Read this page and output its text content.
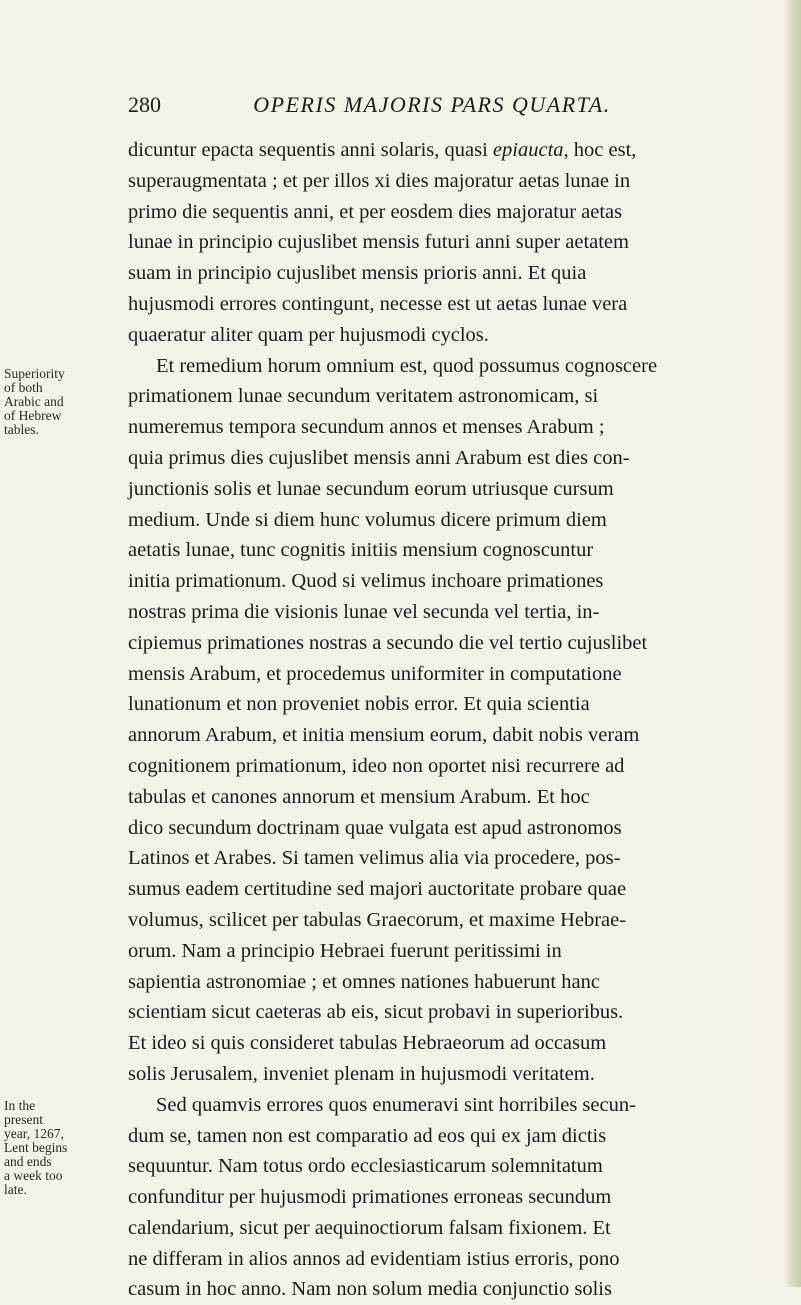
280	OPERIS MAJORIS PARS QUARTA.
dicuntur epacta sequentis anni solaris, quasi epiaucta, hoc est,
superaugmentata ; et per illos xi dies majoratur aetas lunae in
primo die sequentis anni, et per eosdem dies majoratur aetas
lunae in principio cujuslibet mensis futuri anni super aetatem
suam in principio cujuslibet mensis prioris anni. Et quia
hujusmodi errores contingunt, necesse est ut aetas lunae vera
quaeratur aliter quam per hujusmodi cyclos.
Et remedium horum omnium est, quod possumus cognoscere
primationem lunae secundum veritatem astronomicam, si
numeremus tempora secundum annos et menses Arabum ;
quia primus dies cujuslibet mensis anni Arabum est dies con-
junctionis solis et lunae secundum eorum utriusque cursum
medium. Unde si diem hunc volumus dicere primum diem
aetatis lunae, tunc cognitis initiis mensium cognoscuntur
initia primationum. Quod si velimus inchoare primationes
nostras prima die visionis lunae vel secunda vel tertia, in-
cipiemus primationes nostras a secundo die vel tertio cujuslibet
mensis Arabum, et procedemus uniformiter in computatione
lunationum et non proveniet nobis error. Et quia scientia
annorum Arabum, et initia mensium eorum, dabit nobis veram
cognitionem primationum, ideo non oportet nisi recurrere ad
tabulas et canones annorum et mensium Arabum. Et hoc
dico secundum doctrinam quae vulgata est apud astronomos
Latinos et Arabes. Si tamen velimus alia via procedere, pos-
sumus eadem certitudine sed majori auctoritate probare quae
volumus, scilicet per tabulas Graecorum, et maxime Hebrae-
orum. Nam a principio Hebraei fuerunt peritissimi in
sapientia astronomiae ; et omnes nationes habuerunt hanc
scientiam sicut caeteras ab eis, sicut probavi in superioribus.
Et ideo si quis consideret tabulas Hebraeorum ad occasum
solis Jerusalem, inveniet plenam in hujusmodi veritatem.
Sed quamvis errores quos enumeravi sint horribiles secun-
dum se, tamen non est comparatio ad eos qui ex jam dictis
sequuntur. Nam totus ordo ecclesiasticarum solemnitatum
confunditur per hujusmodi primationes erroneas secundum
calendarium, sicut per aequinoctiorum falsam fixionem. Et
ne differam in alios annos ad evidentiam istius erroris, pono
casum in hoc anno. Nam non solum media conjunctio solis
Superiority
of both
Arabic and
of Hebrew
tables.
In the
present
year, 1267,
Lent begins
and ends
a week too
late.
